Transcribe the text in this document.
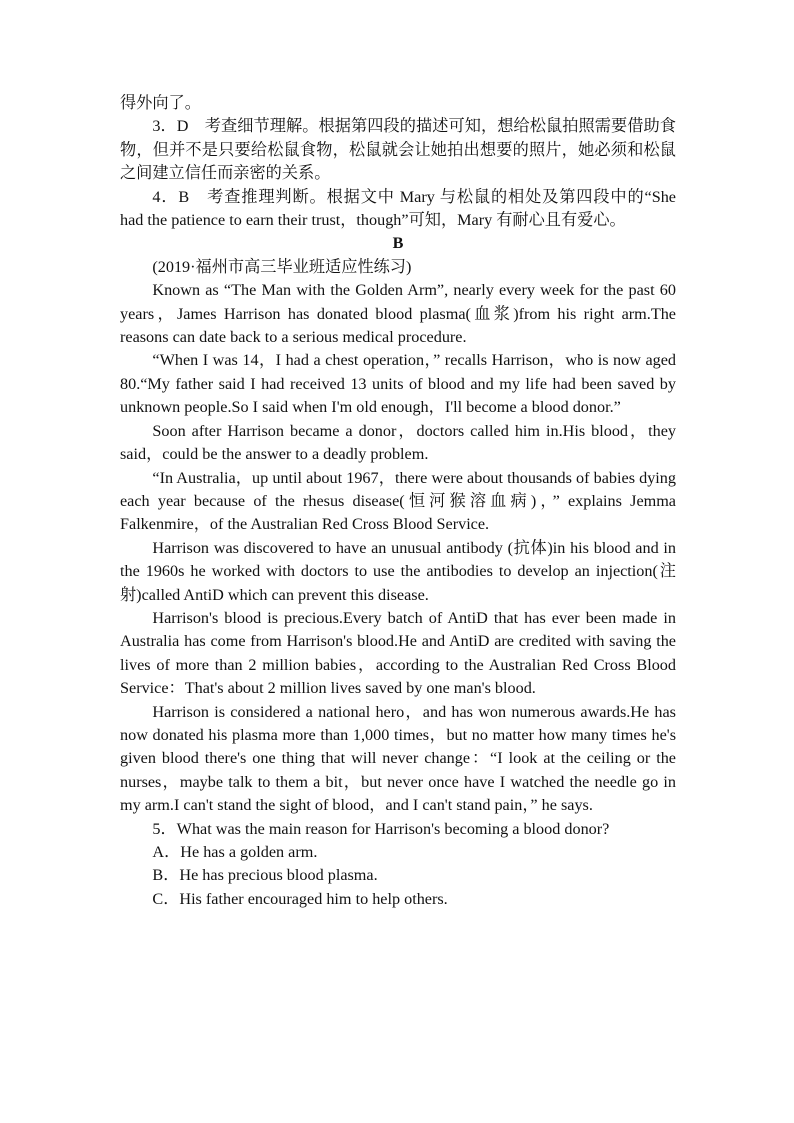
得外向了。

3．D　考查细节理解。根据第四段的描述可知，想给松鼠拍照需要借助食物，但并不是只要给松鼠食物，松鼠就会让她拍出想要的照片，她必须和松鼠之间建立信任而亲密的关系。

4．B　考查推理判断。根据文中 Mary 与松鼠的相处及第四段中的“She had the patience to earn their trust，though”可知，Mary 有耐心且有爱心。

B

(2019·福州市高三毕业班适应性练习)

Known as “The Man with the Golden Arm”, nearly every week for the past 60 years，James Harrison has donated blood plasma(血浆)from his right arm.The reasons can date back to a serious medical procedure.

“When I was 14，I had a chest operation，” recalls Harrison，who is now aged 80.“My father said I had received 13 units of blood and my life had been saved by unknown people.So I said when I'm old enough，I'll become a blood donor.”

Soon after Harrison became a donor，doctors called him in.His blood，they said，could be the answer to a deadly problem.

“In Australia，up until about 1967，there were about thousands of babies dying each year because of the rhesus disease(恒河猴溶血病)，” explains Jemma Falkenmire，of the Australian Red Cross Blood Service.

Harrison was discovered to have an unusual antibody (抗体)in his blood and in the 1960s he worked with doctors to use the antibodies to develop an injection(注射)called AntiD which can prevent this disease.

Harrison's blood is precious.Every batch of AntiD that has ever been made in Australia has come from Harrison's blood.He and AntiD are credited with saving the lives of more than 2 million babies，according to the Australian Red Cross Blood Service：That's about 2 million lives saved by one man's blood.

Harrison is considered a national hero，and has won numerous awards.He has now donated his plasma more than 1,000 times，but no matter how many times he's given blood there's one thing that will never change：“I look at the ceiling or the nurses，maybe talk to them a bit，but never once have I watched the needle go in my arm.I can't stand the sight of blood，and I can't stand pain，” he says.

5．What was the main reason for Harrison's becoming a blood donor?

A．He has a golden arm.

B．He has precious blood plasma.

C．His father encouraged him to help others.
